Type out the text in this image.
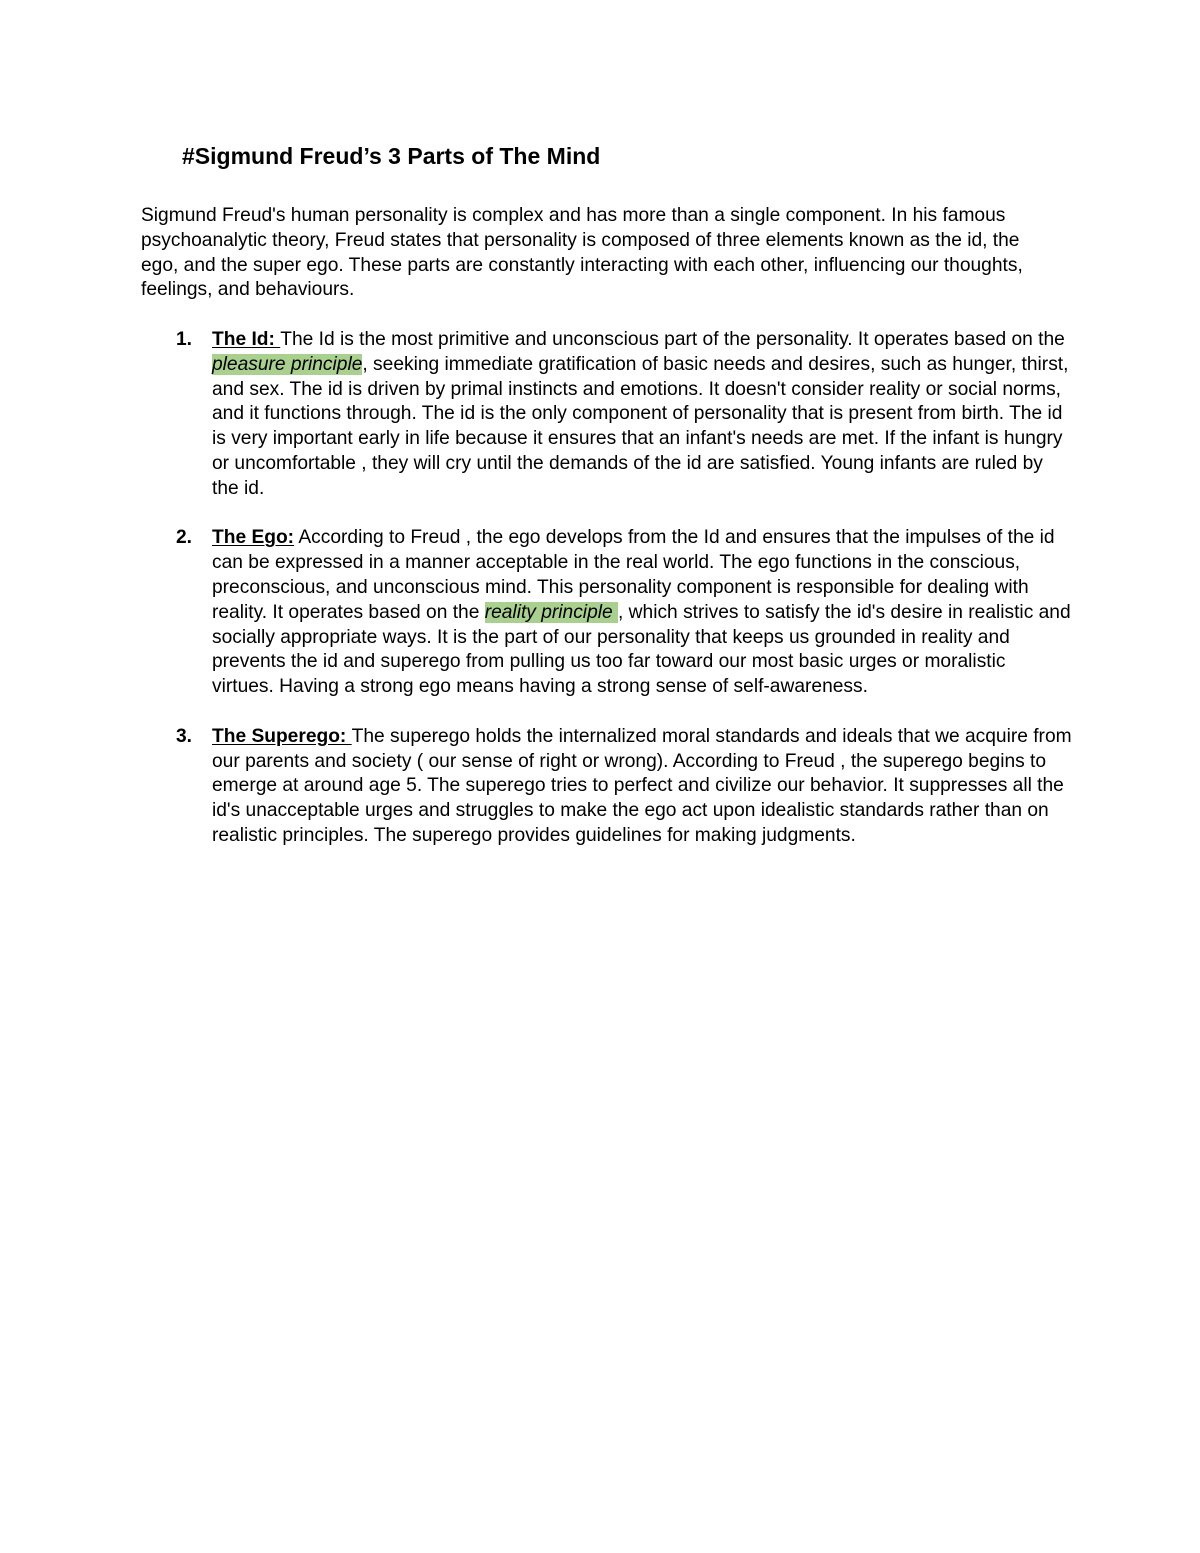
#Sigmund Freud’s 3 Parts of The Mind

Sigmund Freud's human personality is complex and has more than a single component. In his famous psychoanalytic theory, Freud states that personality is composed of three elements known as the id, the ego, and the super ego. These parts are constantly interacting with each other, influencing our thoughts, feelings, and behaviours.

1. The Id: The Id is the most primitive and unconscious part of the personality. It operates based on the pleasure principle, seeking immediate gratification of basic needs and desires, such as hunger, thirst, and sex. The id is driven by primal instincts and emotions. It doesn't consider reality or social norms, and it functions through. The id is the only component of personality that is present from birth. The id is very important early in life because it ensures that an infant's needs are met. If the infant is hungry or uncomfortable , they will cry until the demands of the id are satisfied. Young infants are ruled by the id.
2. The Ego: According to Freud , the ego develops from the Id and ensures that the impulses of the id can be expressed in a manner acceptable in the real world. The ego functions in the conscious, preconscious, and unconscious mind. This personality component is responsible for dealing with reality. It operates based on the reality principle , which strives to satisfy the id's desire in realistic and socially appropriate ways. It is the part of our personality that keeps us grounded in reality and prevents the id and superego from pulling us too far toward our most basic urges or moralistic virtues. Having a strong ego means having a strong sense of self-awareness.
3. The Superego: The superego holds the internalized moral standards and ideals that we acquire from our parents and society ( our sense of right or wrong). According to Freud , the superego begins to emerge at around age 5. The superego tries to perfect and civilize our behavior. It suppresses all the id's unacceptable urges and struggles to make the ego act upon idealistic standards rather than on realistic principles. The superego provides guidelines for making judgments.
